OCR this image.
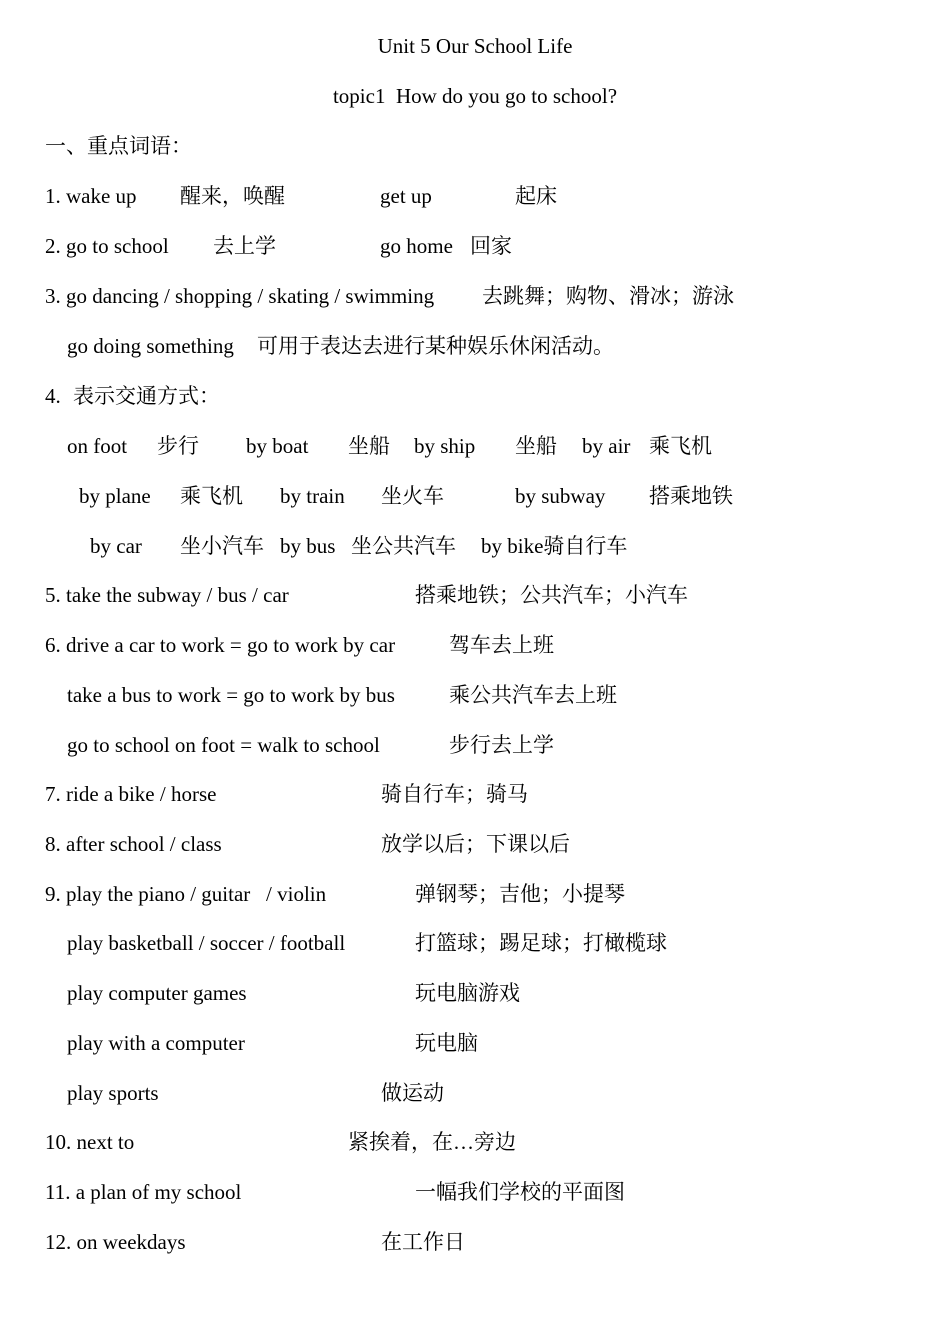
Unit 5 Our School Life
topic1  How do you go to school?
一、重点词语：
1. wake up 醒来，唤醒	get up	起床
2. go to school 去上学	go home 回家
3. go dancing / shopping / skating / swimming 去跳舞；购物、滑冰；游泳
go doing something 可用于表达去进行某种娱乐休闲活动。
4. 表示交通方式：
on foot 步行 by boat 坐船 by ship 坐船 by air 乘飞机
by plane 乘飞机 by train 坐火车	by subway 搭乘地铁
by car 坐小汽车 by bus 坐公共汽车 by bike骑自行车
5. take the subway / bus / car	搭乘地铁；公共汽车；小汽车
6. drive a car to work = go to work by car	驾车去上班
take a bus to work = go to work by bus	乘公共汽车去上班
go to school on foot = walk to school	步行去上学
7. ride a bike / horse	骑自行车；骑马
8. after school / class	放学以后；下课以后
9. play the piano / guitar   / violin	弹钢琴；吉他；小提琴
play basketball / soccer / football	打篮球；踢足球；打橄榄球
play computer games	玩电脑游戏
play with a computer	玩电脑
play sports	做运动
10. next to	紧挨着，在…旁边
11. a plan of my school	一幅我们学校的平面图
12. on weekdays	在工作日
